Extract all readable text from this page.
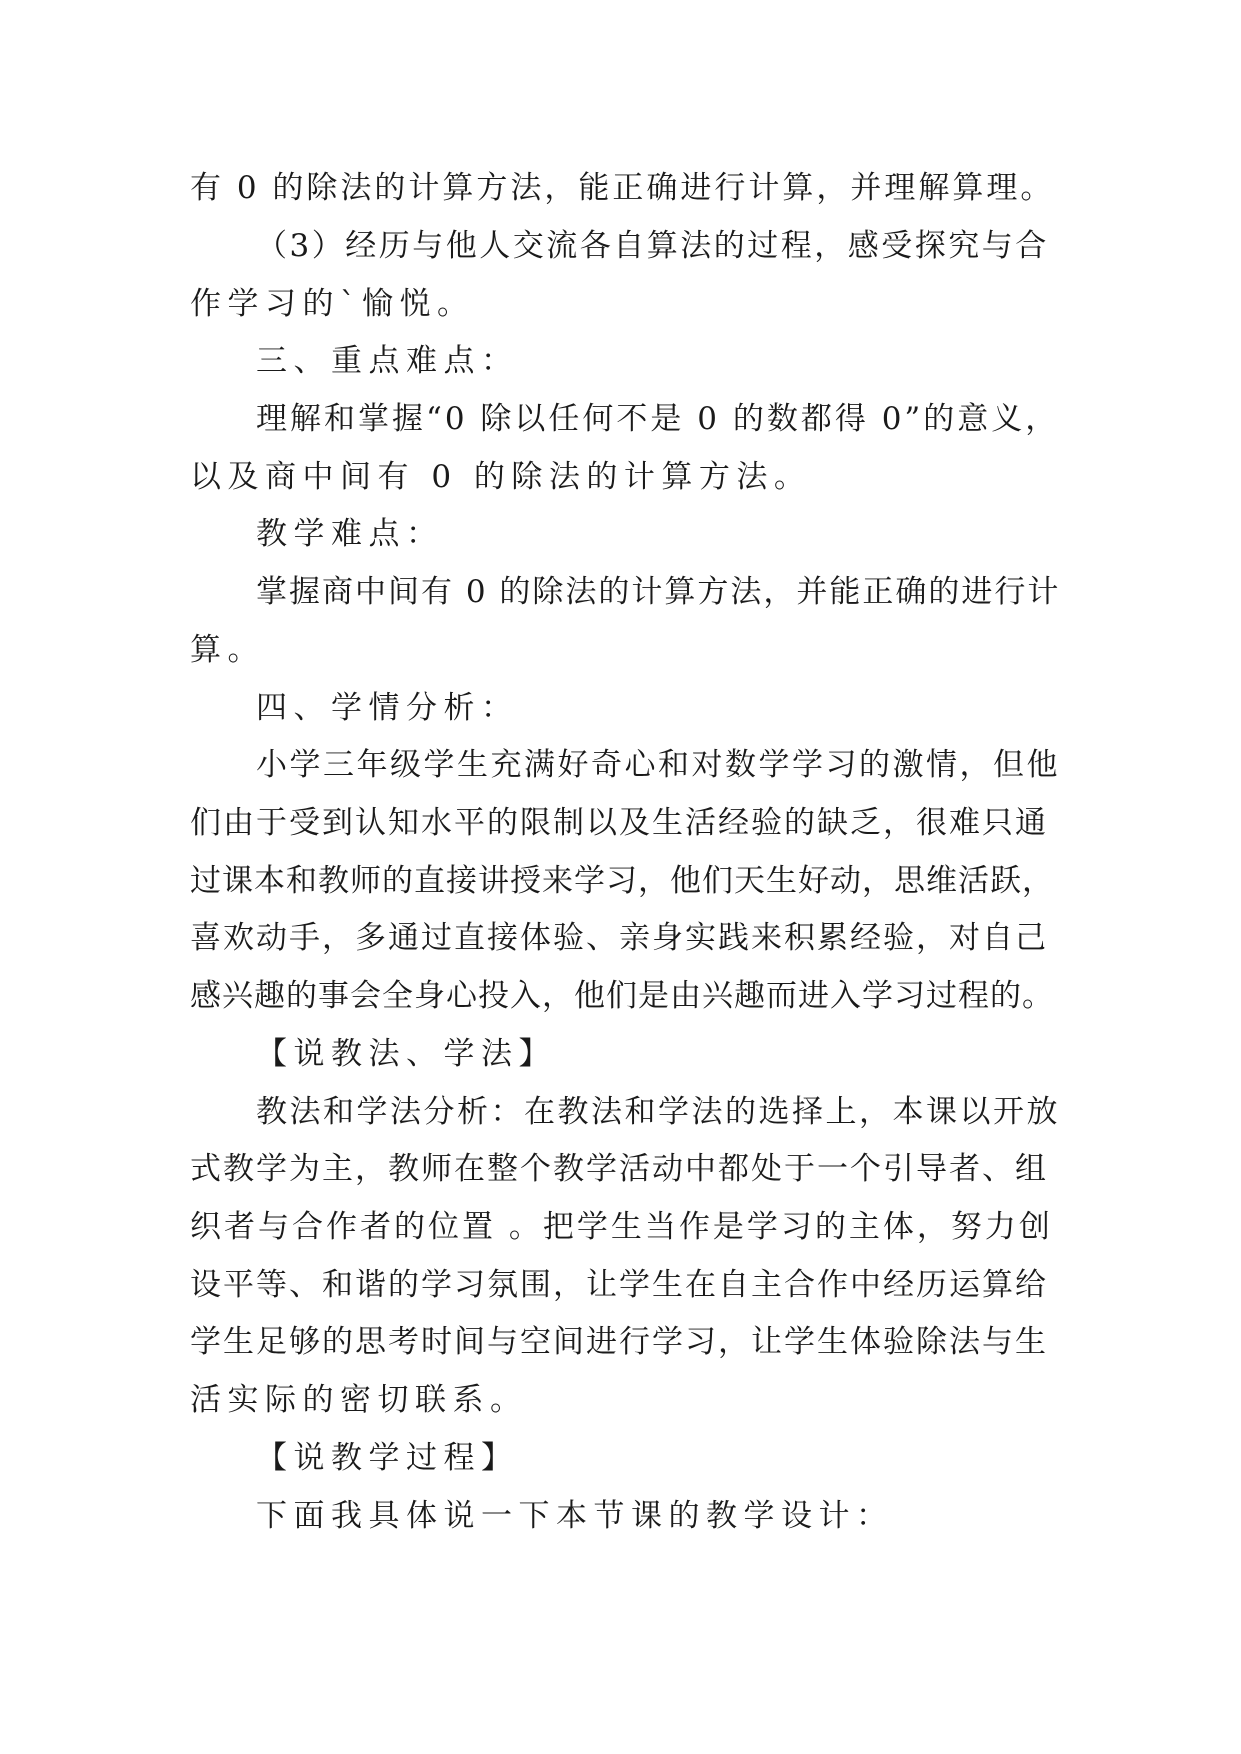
有 0 的除法的计算方法，能正确进行计算，并理解算理。

（3）经历与他人交流各自算法的过程，感受探究与合

作学习的`愉悦。

三、重点难点：

理解和掌握“0 除以任何不是 0 的数都得 0”的意义，

以及商中间有 0 的除法的计算方法。

教学难点：

掌握商中间有 0 的除法的计算方法，并能正确的进行计

算。

四、学情分析：

小学三年级学生充满好奇心和对数学学习的激情，但他

们由于受到认知水平的限制以及生活经验的缺乏，很难只通

过课本和教师的直接讲授来学习，他们天生好动，思维活跃，

喜欢动手，多通过直接体验、亲身实践来积累经验，对自己

感兴趣的事会全身心投入，他们是由兴趣而进入学习过程的。

【说教法、学法】

教法和学法分析：在教法和学法的选择上，本课以开放

式教学为主，教师在整个教学活动中都处于一个引导者、组

织者与合作者的位置 。把学生当作是学习的主体，努力创

设平等、和谐的学习氛围，让学生在自主合作中经历运算给

学生足够的思考时间与空间进行学习，让学生体验除法与生

活实际的密切联系。

【说教学过程】

下面我具体说一下本节课的教学设计：
